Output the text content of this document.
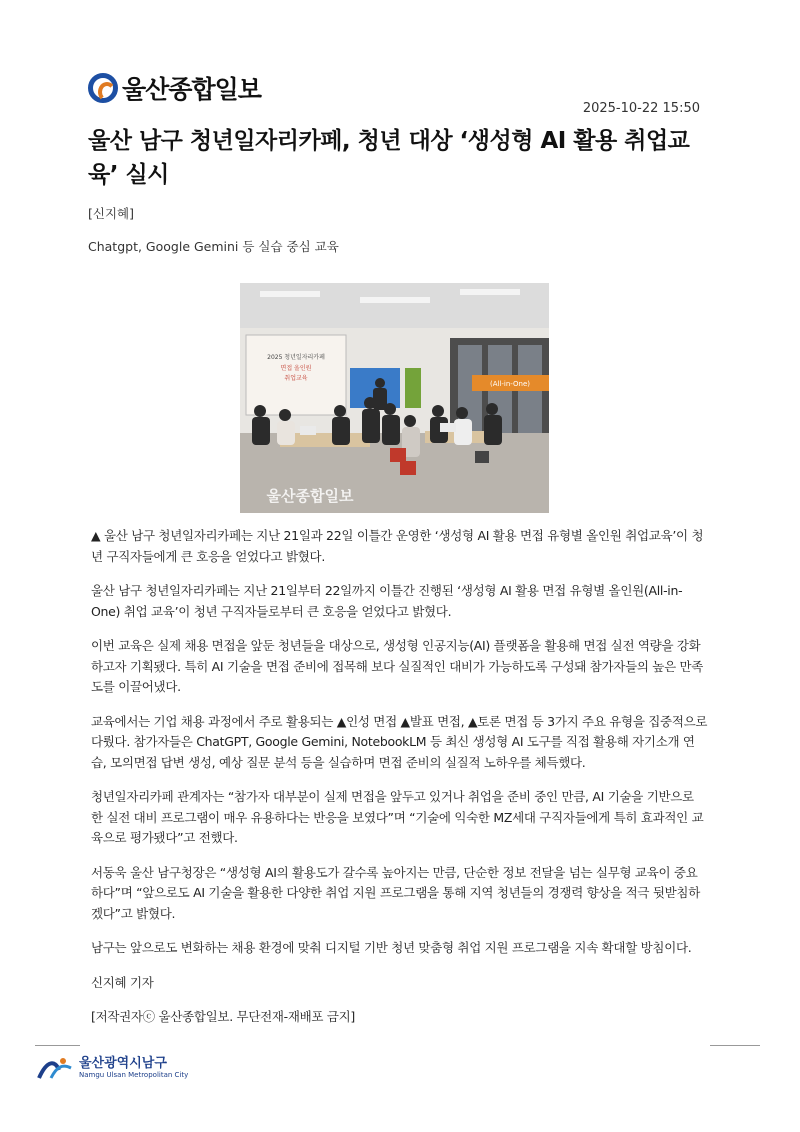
울산종합일보
2025-10-22 15:50
울산 남구 청년일자리카페, 청년 대상 ‘생성형 AI 활용 취업교육’ 실시
[신지혜]
Chatgpt, Google Gemini 등 실습 중심 교육
2025 청년일자리카페
면접 올인원
취업교육
(All-in-One)
울산종합일보

▲ 울산 남구 청년일자리카페는 지난 21일과 22일 이틀간 운영한 ‘생성형 AI 활용 면접 유형별 올인원 취업교육’이 청년 구직자들에게 큰 호응을 얻었다고 밝혔다.

울산 남구 청년일자리카페는 지난 21일부터 22일까지 이틀간 진행된 ‘생성형 AI 활용 면접 유형별 올인원(All-in-One) 취업 교육’이 청년 구직자들로부터 큰 호응을 얻었다고 밝혔다.

이번 교육은 실제 채용 면접을 앞둔 청년들을 대상으로, 생성형 인공지능(AI) 플랫폼을 활용해 면접 실전 역량을 강화하고자 기획됐다. 특히 AI 기술을 면접 준비에 접목해 보다 실질적인 대비가 가능하도록 구성돼 참가자들의 높은 만족도를 이끌어냈다.

교육에서는 기업 채용 과정에서 주로 활용되는 ▲인성 면접 ▲발표 면접, ▲토론 면접 등 3가지 주요 유형을 집중적으로 다뤘다. 참가자들은 ChatGPT, Google Gemini, NotebookLM 등 최신 생성형 AI 도구를 직접 활용해 자기소개 연습, 모의면접 답변 생성, 예상 질문 분석 등을 실습하며 면접 준비의 실질적 노하우를 체득했다.

청년일자리카페 관계자는 “참가자 대부분이 실제 면접을 앞두고 있거나 취업을 준비 중인 만큼, AI 기술을 기반으로 한 실전 대비 프로그램이 매우 유용하다는 반응을 보였다”며 “기술에 익숙한 MZ세대 구직자들에게 특히 효과적인 교육으로 평가됐다”고 전했다.

서동욱 울산 남구청장은 “생성형 AI의 활용도가 갈수록 높아지는 만큼, 단순한 정보 전달을 넘는 실무형 교육이 중요하다”며 “앞으로도 AI 기술을 활용한 다양한 취업 지원 프로그램을 통해 지역 청년들의 경쟁력 향상을 적극 뒷받침하겠다”고 밝혔다.

남구는 앞으로도 변화하는 채용 환경에 맞춰 디지털 기반 청년 맞춤형 취업 지원 프로그램을 지속 확대할 방침이다.

신지혜 기자

[저작권자ⓒ 울산종합일보. 무단전재-재배포 금지]

울산광역시남구
Namgu Ulsan Metropolitan City
